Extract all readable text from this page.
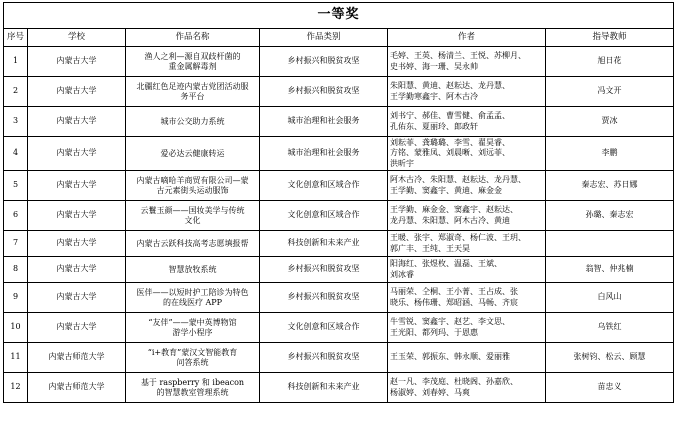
一等奖					
序号	学校	作品名称	作品类别	作者	指导教师
1	内蒙古大学	渔人之利—源自双歧杆菌的
重金属解毒剂	乡村振兴和脱贫攻坚	毛婷、王英、杨清兰、王悦、苏柳月、
史书婷、海一珊、吴永帅	旭日花
2	内蒙古大学	北疆红色足迹内蒙古党团活动服
务平台	乡村振兴和脱贫攻坚	朱阳慧、黄迪、赵耘达、龙丹慧、
王学勤寒鑫宇、阿木古冷	冯文开
3	内蒙古大学	城市公交助力系统	城市治理和社会服务	刘书宁、郝佳、曹雪健、俞孟孟、
孔佑东、夏丽玲、郎政轩	贾冰
4	内蒙古大学	爱必达云健康转运	城市治理和社会服务	刘耘菲、龚璐璐、李雪、翟昊睿、
方铭、蒙雅凤、刘晨晰、刘远菲、
洪昕宇	李鹏
5	内蒙古大学	内蒙古嘀哈羊商贸有限公司—蒙
古元素街头运动服饰	文化创意和区域合作	阿木古冷、朱阳慧、赵耘达、龙丹慧、
王学勤、窦鑫宇、黄迪、麻金金	秦志宏、苏日娜
6	内蒙古大学	云鬟玉颜——国妆美学与传统
文化	文化创意和区域合作	王学勤、麻金金、窦鑫宇、赵耘达、
龙丹慧、朱阳慧、阿木古冷、黄迪	孙璐、秦志宏
7	内蒙古大学	内蒙古云跃科技高考志愿填报帮	科技创新和未来产业	王暖、张宇、郑淑奇、杨仁波、王玥、
郭广丰、王纯、王天昊	
8	内蒙古大学	智慧放牧系统	乡村振兴和脱贫攻坚	阳海红、张煜枚、温磊、王斌、
刘冰睿	翁智、仲兆楠
9	内蒙古大学	医伴——以短时护工陪诊为特色
的在线医疗 APP	乡村振兴和脱贫攻坚	马丽荣、仝桐、王小菁、王占成、张
晓乐、杨伟珊、郑昭涵、马畅、齐宸	白风山
10	内蒙古大学	“友伴”——蒙中英博物馆
游学小程序	文化创意和区域合作	牛雪锐、窦鑫宇、赵艺、李文思、
王光阳、都列玛、于恩惠	乌铁红
11	内蒙古师范大学	“i+教育”蒙汉文智能教育
问答系统	乡村振兴和脱贫攻坚	王玉荣、郭振东、韩永顺、爱丽雅	张树钧、松云、顾慧
12	内蒙古师范大学	基于 raspberry 和 ibeacon
的智慧教室管理系统	科技创新和未来产业	赵一凡、李茂庭、杜晓阁、孙嘉欣、
杨淑婷、刘春婷、马爽	苗忠义
